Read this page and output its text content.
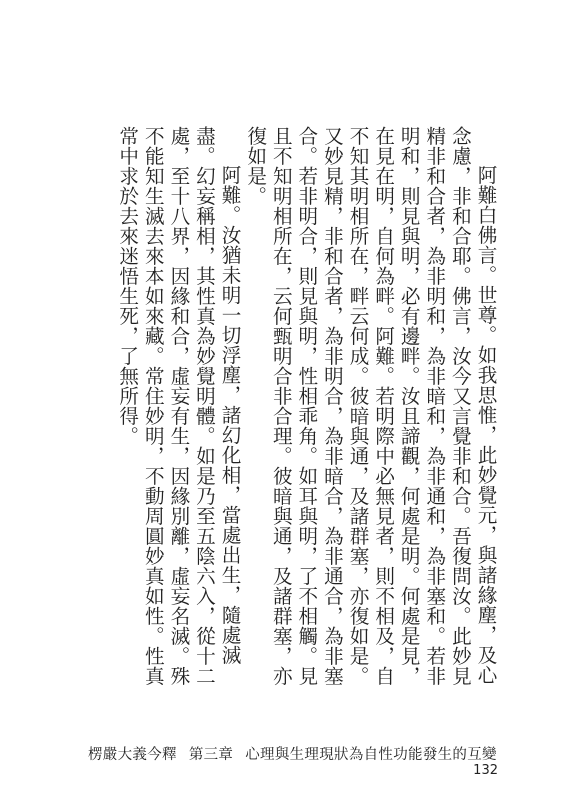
阿難白佛言。世尊。如我思惟，此妙覺元，與諸緣塵，及心念慮，非和合耶。佛言，汝今又言覺非和合。吾復問汝。此妙見精非和合者，為非明和，為非暗和，為非通和，為非塞和。若非明和，則見與明，必有邊畔。汝且諦觀，何處是明。何處是見，在見在明，自何為畔。阿難。若明際中必無見者，則不相及，自不知其明相所在，畔云何成。彼暗與通，及諸群塞，亦復如是。又妙見精，非和合者，為非明合，為非暗合，為非通合，為非塞合。若非明合，則見與明，性相乖角。如耳與明，了不相觸。見且不知明相所在，云何甄明合非合理。彼暗與通，及諸群塞，亦復如是。

阿難。汝猶未明一切浮塵，諸幻化相，當處出生，隨處滅盡。幻妄稱相，其性真為妙覺明體。如是乃至五陰六入，從十二處，至十八界，因緣和合，虛妄有生，因緣別離，虛妄名滅。殊不能知生滅去來本如來藏。常住妙明，不動周圓妙真如性。性真常中求於去來迷悟生死，了無所得。

楞嚴大義今釋 第三章 心理與生理現狀為自性功能發生的互變
132
